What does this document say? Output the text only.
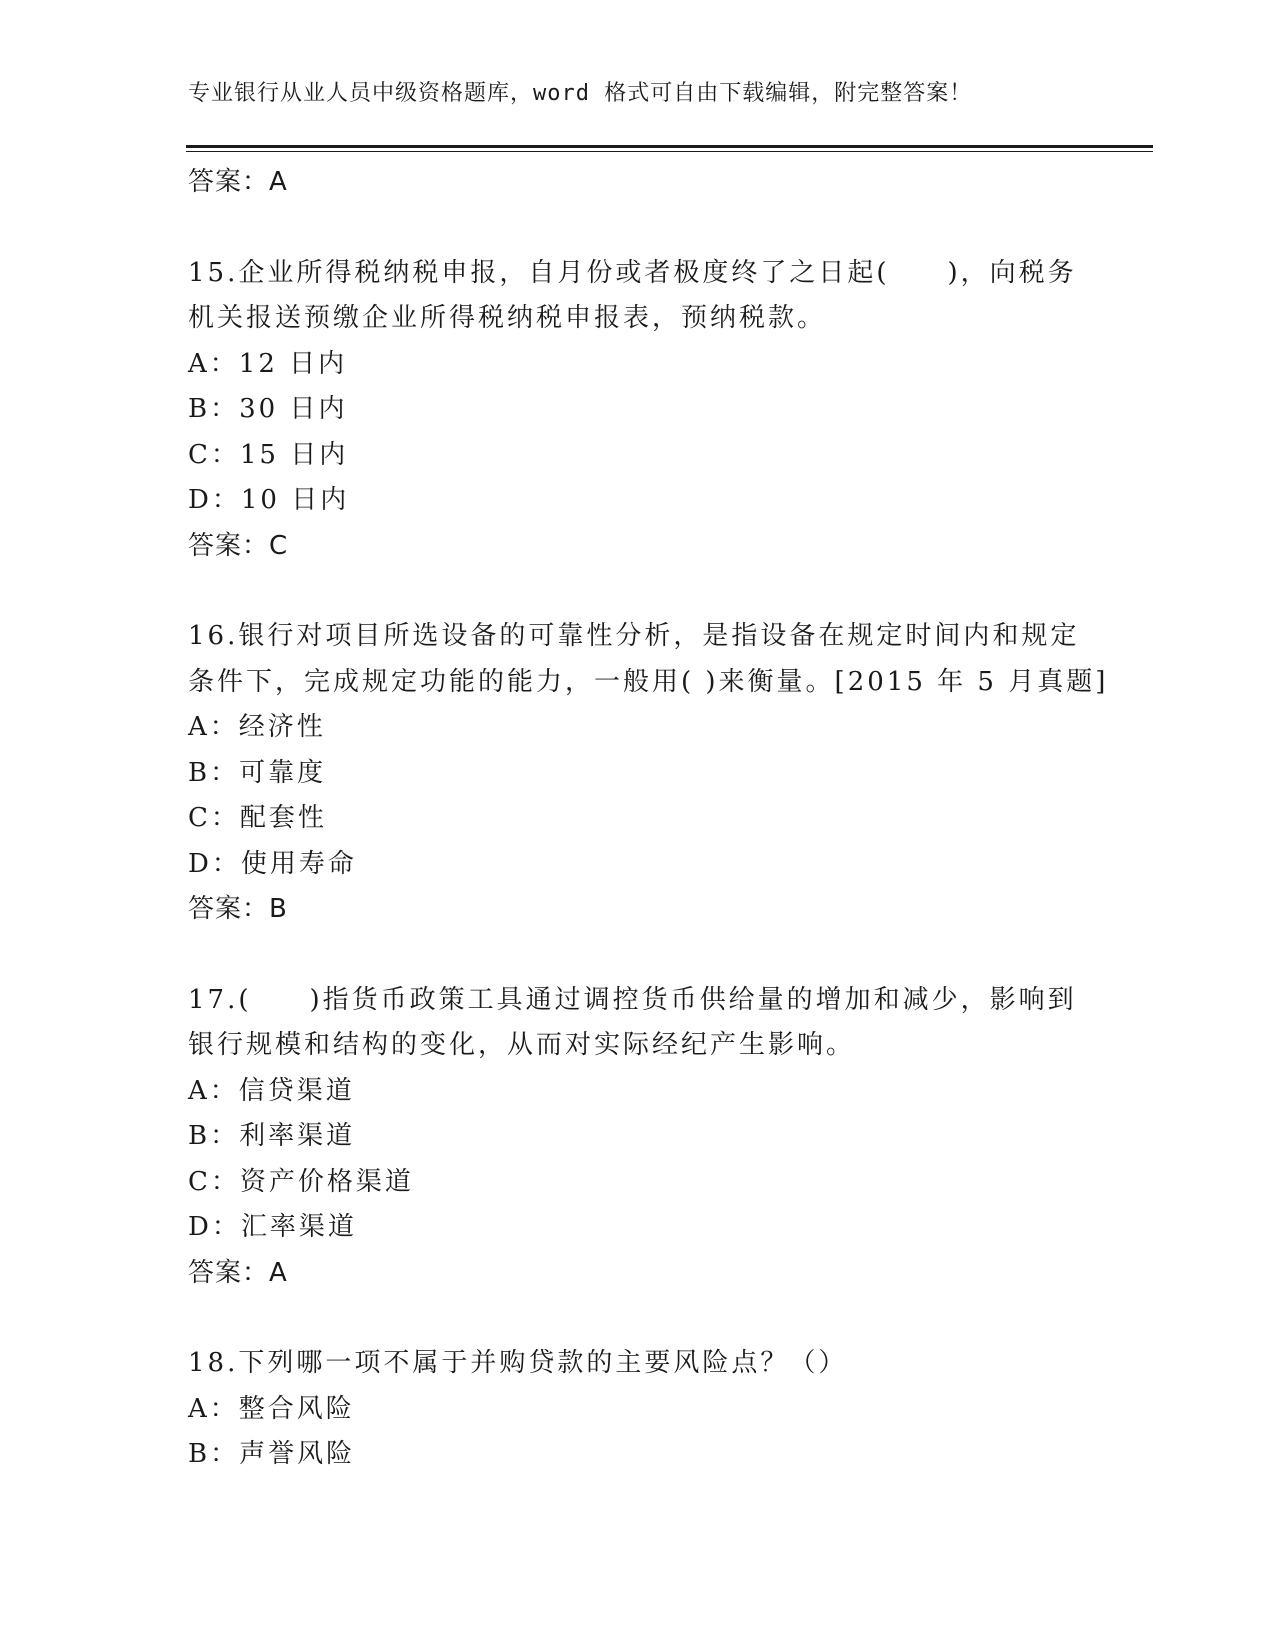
专业银行从业人员中级资格题库，word 格式可自由下载编辑，附完整答案！
答案：A
15.企业所得税纳税申报，自月份或者极度终了之日起(　　)，向税务
机关报送预缴企业所得税纳税申报表，预纳税款。
A：12 日内
B：30 日内
C：15 日内
D：10 日内
答案：C
16.银行对项目所选设备的可靠性分析，是指设备在规定时间内和规定
条件下，完成规定功能的能力，一般用( )来衡量。[2015 年 5 月真题]
A：经济性
B：可靠度
C：配套性
D：使用寿命
答案：B
17.(　　)指货币政策工具通过调控货币供给量的增加和减少，影响到
银行规模和结构的变化，从而对实际经纪产生影响。
A：信贷渠道
B：利率渠道
C：资产价格渠道
D：汇率渠道
答案：A
18.下列哪一项不属于并购贷款的主要风险点？（）
A：整合风险
B：声誉风险
